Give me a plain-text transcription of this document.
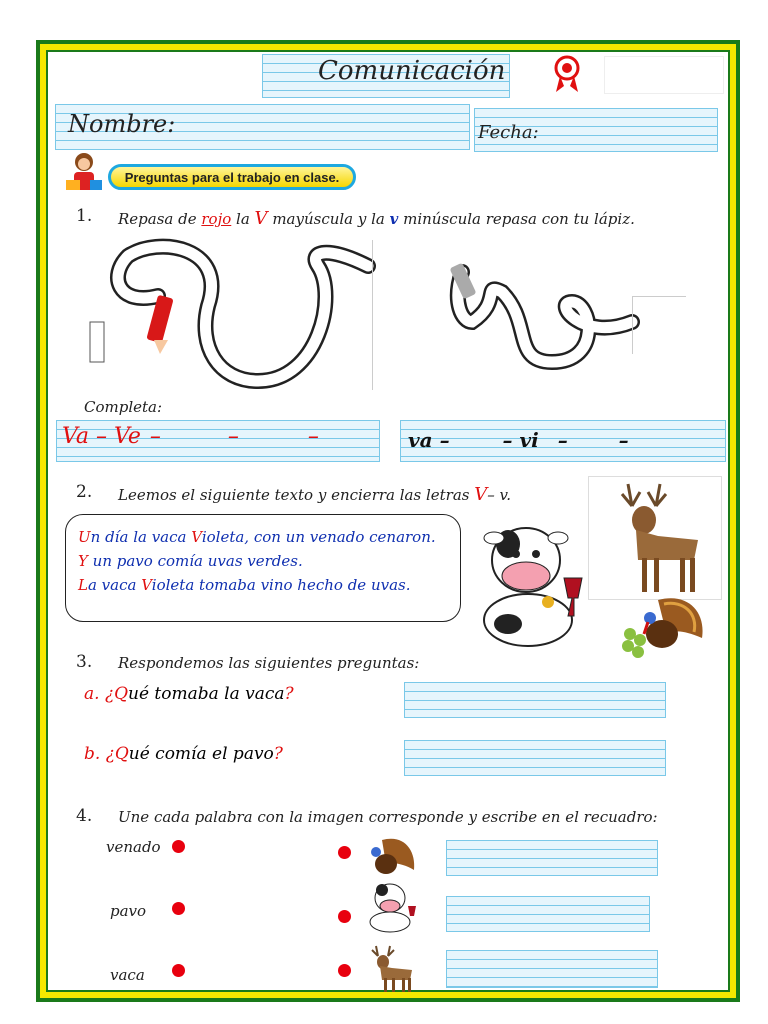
Comunicación
Nombre:	Fecha:
Preguntas para el trabajo en clase.
1. Repasa de rojo la V mayúscula y la v minúscula repasa con tu lápiz.
Completa:
Va – Ve –	–	–	va –	– vi –	–
2. Leemos el siguiente texto y encierra las letras V– v.

Un día la vaca Violeta, con un venado cenaron.

Y un pavo comía uvas verdes.

La vaca Violeta tomaba vino hecho de uvas.

3. Respondemos las siguientes preguntas:
a. ¿Qué tomaba la vaca?
b. ¿Qué comía el pavo?
4. Une cada palabra con la imagen corresponde y escribe en el recuadro:
venado
pavo
vaca
